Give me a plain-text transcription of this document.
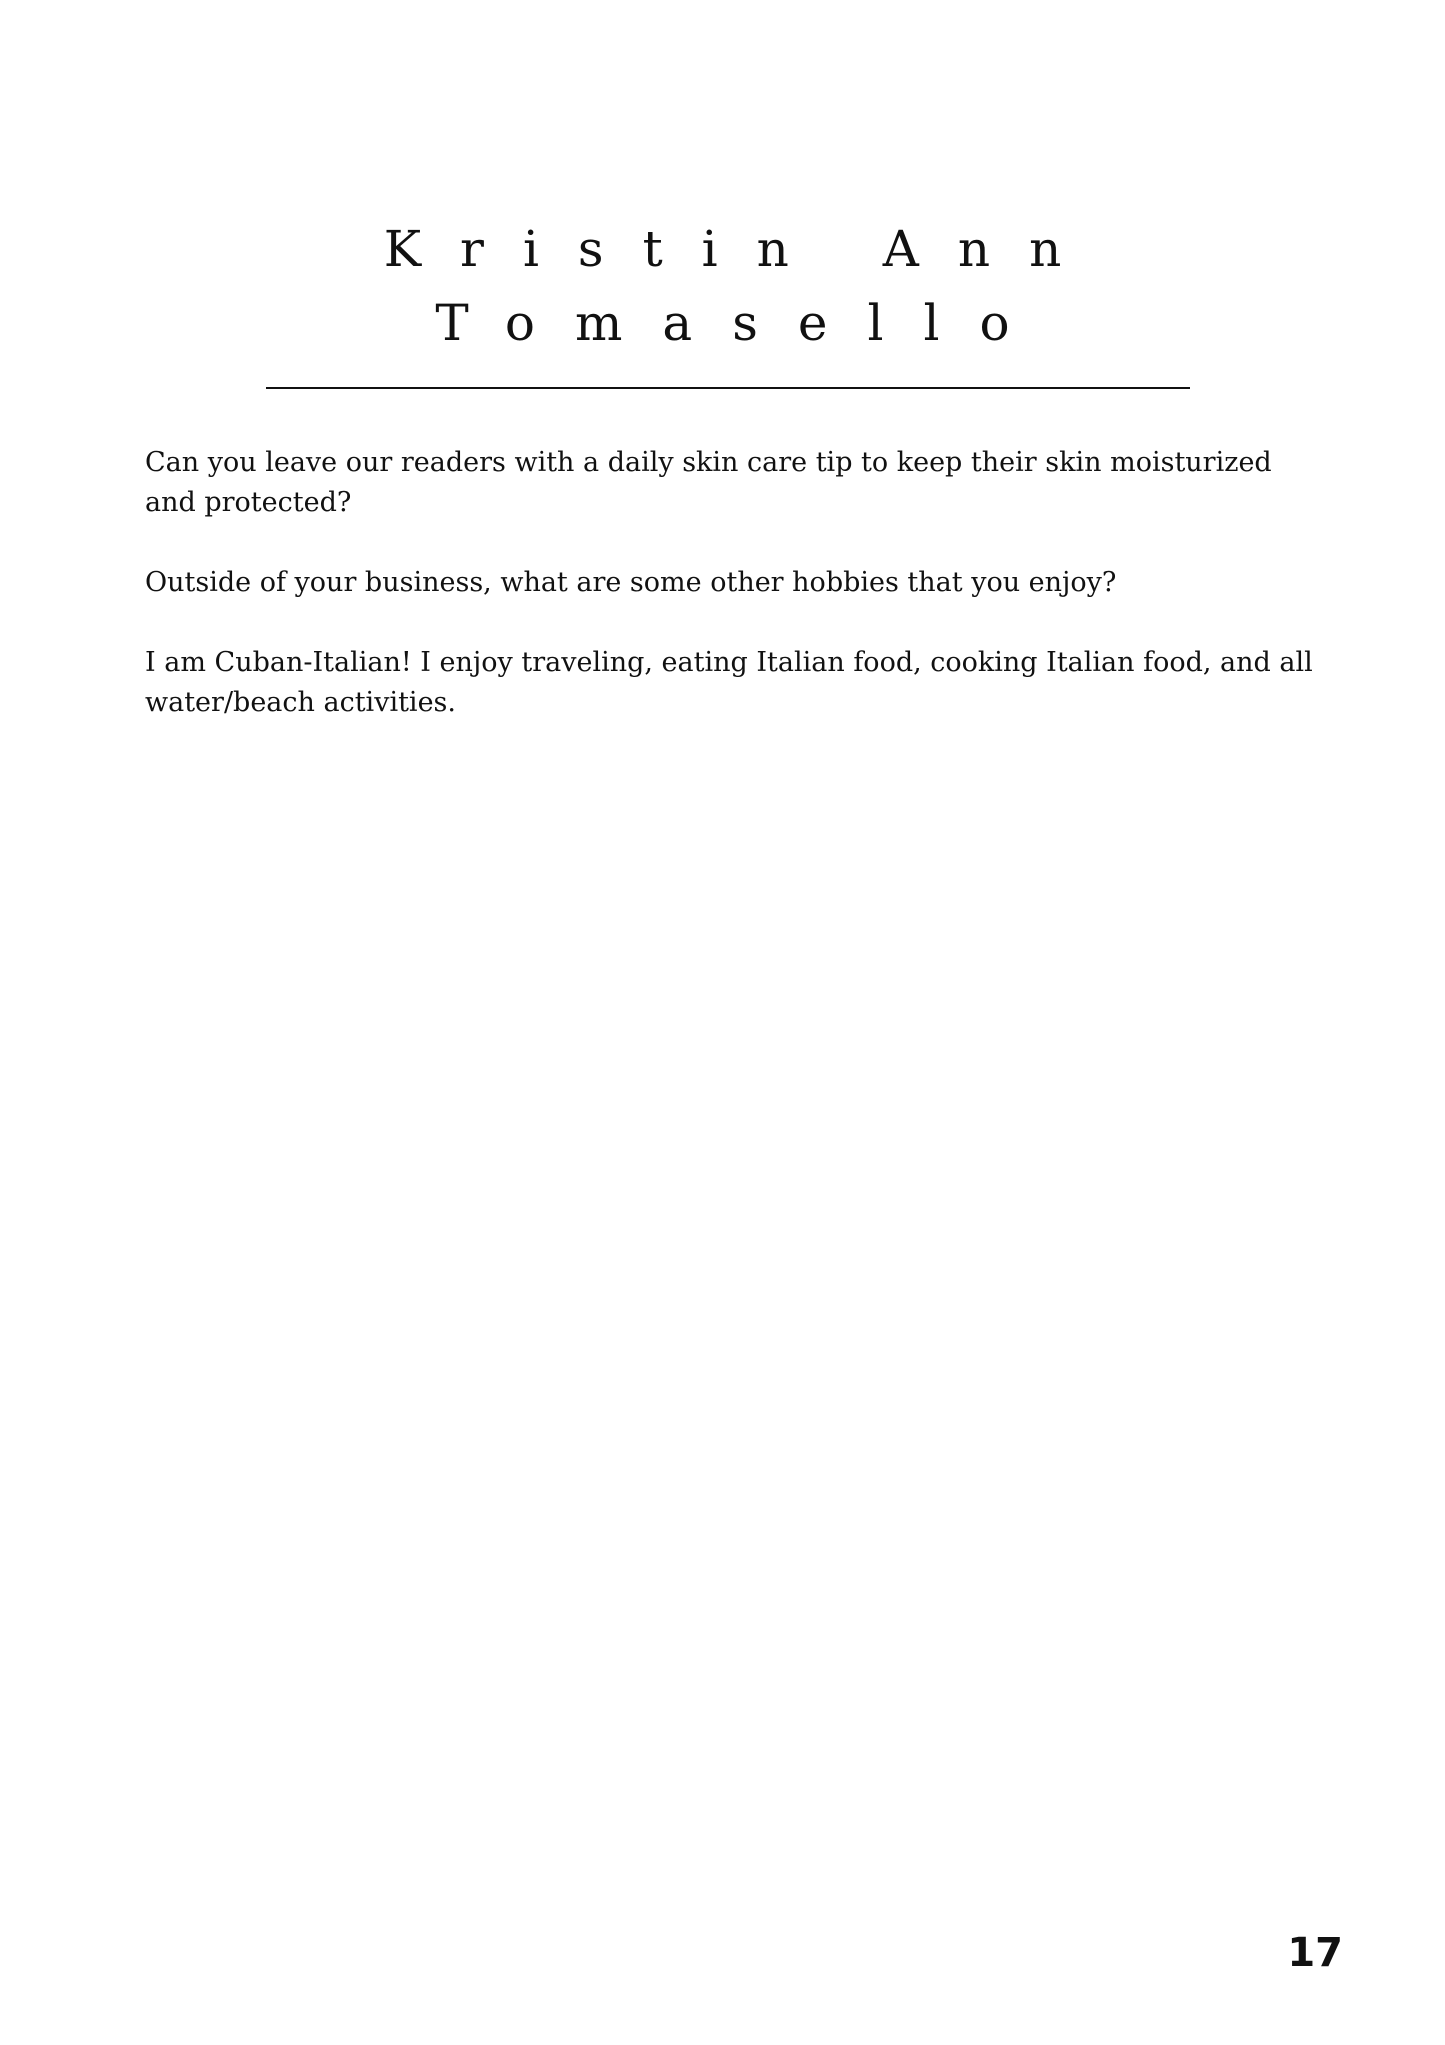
Kristin Ann
Tomasello

Can you leave our readers with a daily skin care tip to keep their skin moisturized and protected?

Outside of your business, what are some other hobbies that you enjoy?

I am Cuban-Italian! I enjoy traveling, eating Italian food, cooking Italian food, and all water/beach activities.

17
